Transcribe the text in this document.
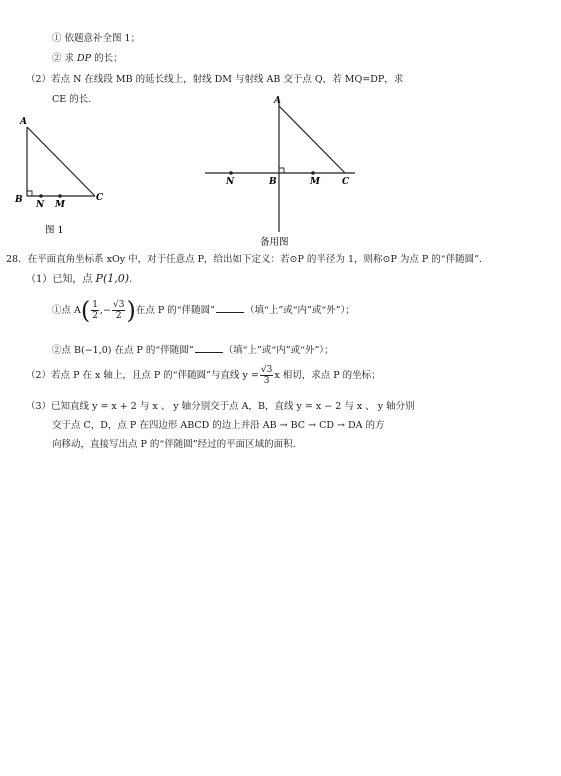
① 依题意补全图 1；
② 求 DP 的长；
（2）若点 N 在线段 MB 的延长线上，射线 DM 与射线 AB 交于点 Q，若 MQ=DP，求
CE 的长.
A
B N M
C
图 1
A
N	B	M C
备用图
28．在平面直角坐标系 xOy 中，对于任意点 P，给出如下定义：若⊙P 的半径为 1，则称⊙P 为点 P 的“伴随圆”.
（1）已知，点 P(1,0).
①点 $A( \frac{1}{2}$ ,− $\frac{√3}{2}$ )在点 P 的“伴随圆”	（填“上”或“内”或“外”）；
②点 B(−1,0) 在点 P 的“伴随圆”	（填“上”或“内”或“外”）；
（2）若点 P 在 x 轴上，且点 P 的“伴随圆”与直线 $y = \frac{√3}{3}$ x 相切，求点 P 的坐标；
（3）已知直线 y = x + 2 与 x 、 y 轴分别交于点 A，B，直线 y = x − 2 与 x 、 y 轴分别
交于点 C，D，点 P 在四边形 ABCD 的边上并沿 AB → BC → CD → DA 的方
向移动，直接写出点 P 的“伴随圆”经过的平面区域的面积.
